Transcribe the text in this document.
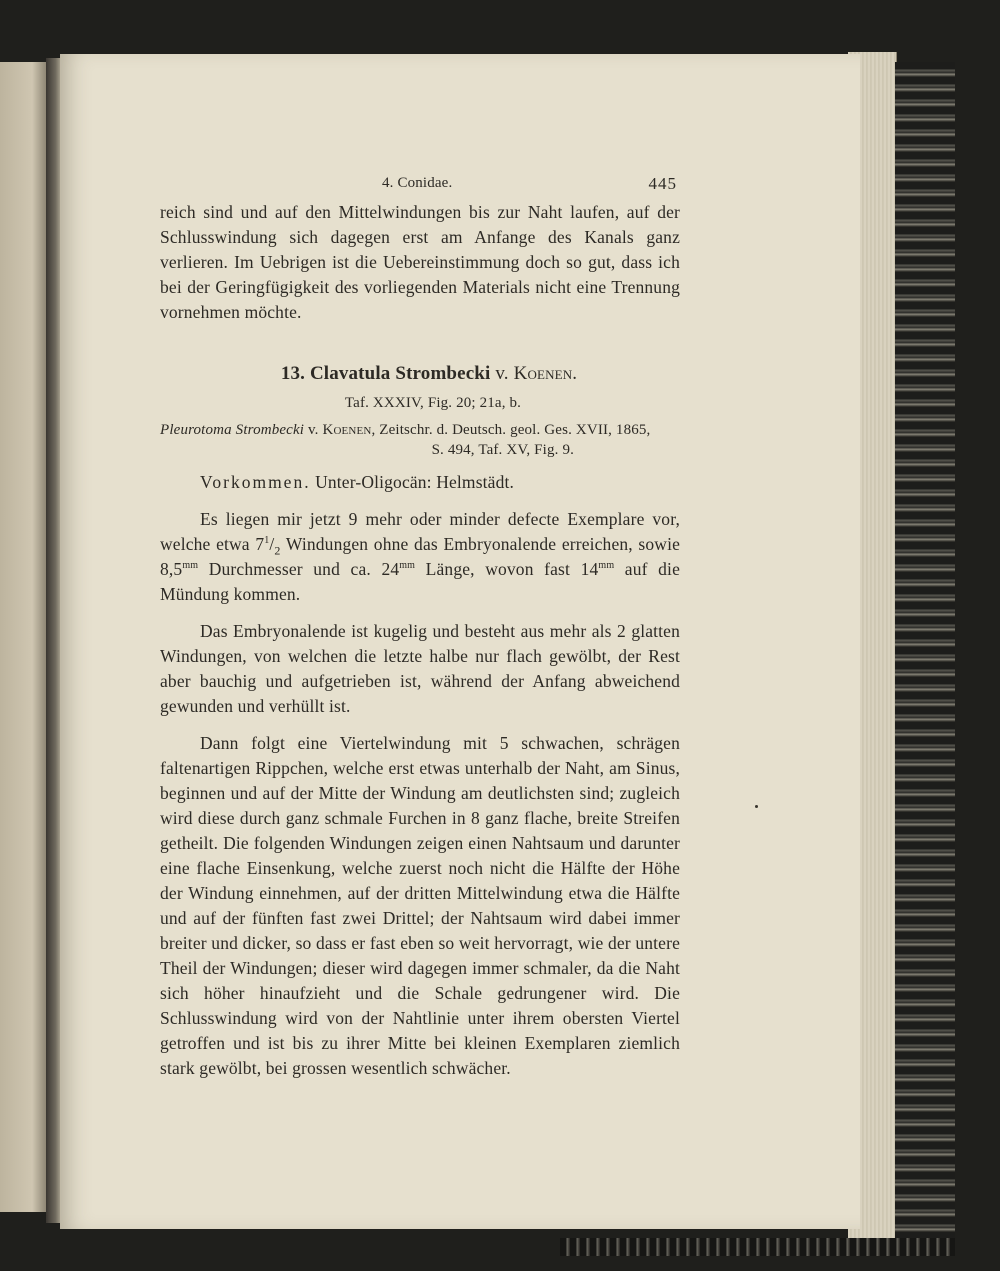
4. Conidae.	445

reich sind und auf den Mittelwindungen bis zur Naht laufen, auf der Schlusswindung sich dagegen erst am Anfange des Kanals ganz verlieren. Im Uebrigen ist die Uebereinstimmung doch so gut, dass ich bei der Geringfügigkeit des vorliegenden Materials nicht eine Trennung vornehmen möchte.

13. Clavatula Strombecki v. Koenen.
Taf. XXXIV, Fig. 20; 21a, b.
Pleurotoma Strombecki v. Koenen, Zeitschr. d. Deutsch. geol. Ges. XVII, 1865,
S. 494, Taf. XV, Fig. 9.

Vorkommen. Unter-Oligocän: Helmstädt.

Es liegen mir jetzt 9 mehr oder minder defecte Exemplare vor, welche etwa $7^1/_2$ Windungen ohne das Embryonalende erreichen, sowie $8,5^{mm}$ Durchmesser und ca. $24^{mm}$ Länge, wovon fast $14^{mm}$ auf die Mündung kommen.

Das Embryonalende ist kugelig und besteht aus mehr als 2 glatten Windungen, von welchen die letzte halbe nur flach gewölbt, der Rest aber bauchig und aufgetrieben ist, während der Anfang abweichend gewunden und verhüllt ist.

Dann folgt eine Viertelwindung mit 5 schwachen, schrägen faltenartigen Rippchen, welche erst etwas unterhalb der Naht, am Sinus, beginnen und auf der Mitte der Windung am deutlichsten sind; zugleich wird diese durch ganz schmale Furchen in 8 ganz flache, breite Streifen getheilt. Die folgenden Windungen zeigen einen Nahtsaum und darunter eine flache Einsenkung, welche zuerst noch nicht die Hälfte der Höhe der Windung einnehmen, auf der dritten Mittelwindung etwa die Hälfte und auf der fünften fast zwei Drittel; der Nahtsaum wird dabei immer breiter und dicker, so dass er fast eben so weit hervorragt, wie der untere Theil der Windungen; dieser wird dagegen immer schmaler, da die Naht sich höher hinaufzieht und die Schale gedrungener wird. Die Schlusswindung wird von der Nahtlinie unter ihrem obersten Viertel getroffen und ist bis zu ihrer Mitte bei kleinen Exemplaren ziemlich stark gewölbt, bei grossen wesentlich schwächer.
